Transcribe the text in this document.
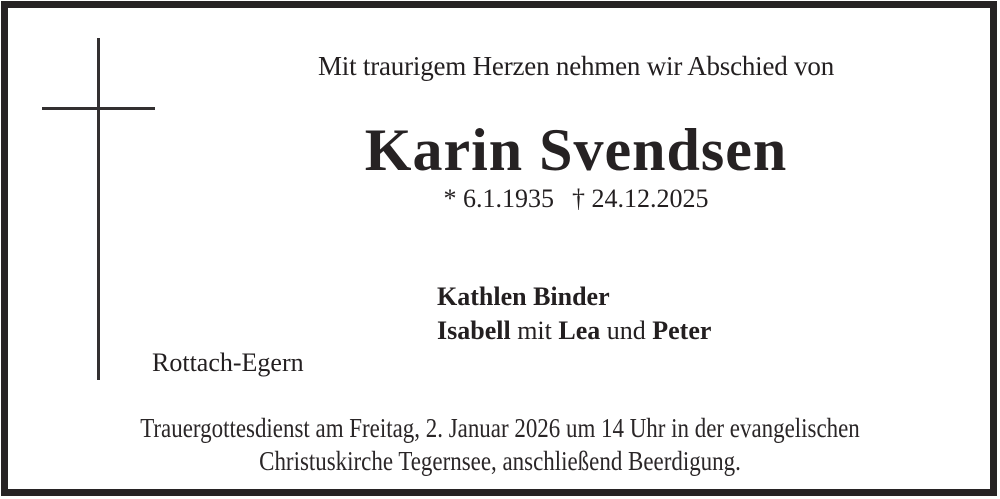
Mit traurigem Herzen nehmen wir Abschied von
Karin Svendsen
* 6.1.1935 † 24.12.2025
Kathlen Binder
Isabell mit Lea und Peter
Rottach-Egern
Trauergottesdienst am Freitag, 2. Januar 2026 um 14 Uhr in der evangelischen
Christuskirche Tegernsee, anschließend Beerdigung.
